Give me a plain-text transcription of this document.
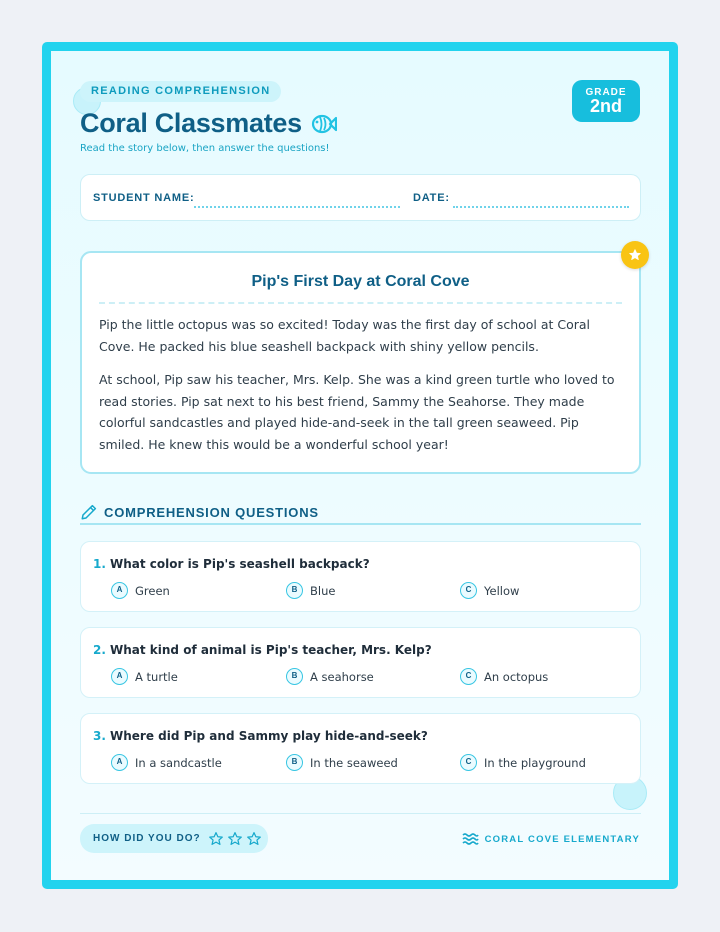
READING COMPREHENSION
Coral Classmates
Read the story below, then answer the questions!
GRADE
2nd
STUDENT NAME:	DATE:
Pip's First Day at Coral Cove

Pip the little octopus was so excited! Today was the first day of school at Coral Cove. He packed his blue seashell backpack with shiny yellow pencils.

At school, Pip saw his teacher, Mrs. Kelp. She was a kind green turtle who loved to read stories. Pip sat next to his best friend, Sammy the Seahorse. They made colorful sandcastles and played hide-and-seek in the tall green seaweed. Pip smiled. He knew this would be a wonderful school year!

COMPREHENSION QUESTIONS
1. What color is Pip's seashell backpack?
A	Green	B	Blue	C	Yellow
2. What kind of animal is Pip's teacher, Mrs. Kelp?
A	A turtle	B	A seahorse	C	An octopus
3. Where did Pip and Sammy play hide-and-seek?
A	In a sandcastle	B	In the seaweed	C	In the playground
HOW DID YOU DO?	CORAL COVE ELEMENTARY
